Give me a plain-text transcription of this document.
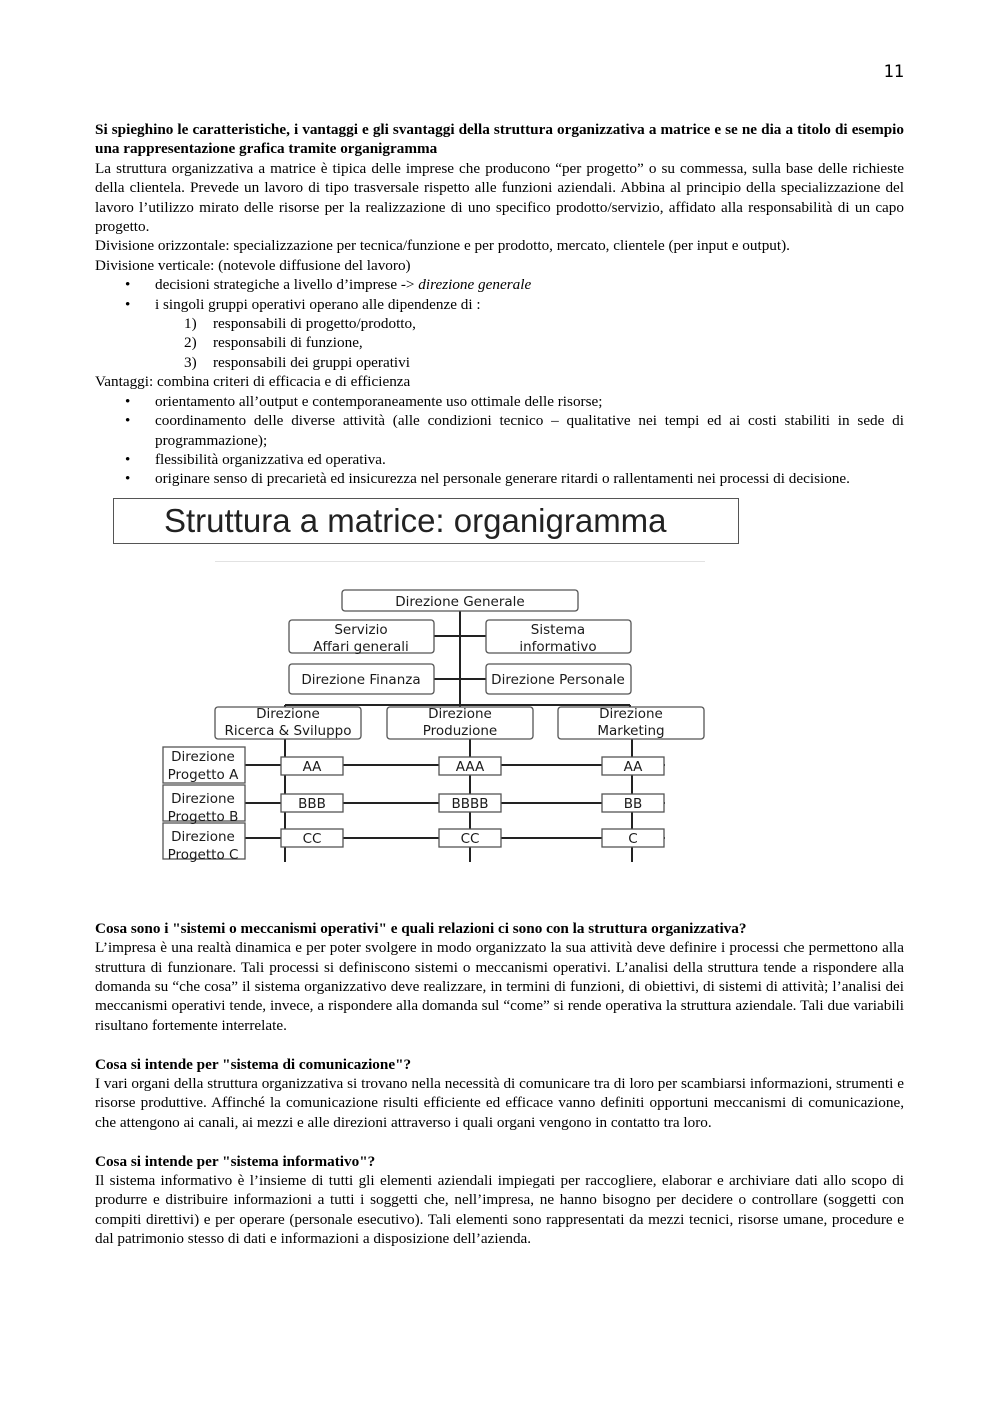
11

Si spieghino le caratteristiche, i vantaggi e gli svantaggi della struttura organizzativa a matrice e se ne dia a titolo di esempio una rappresentazione grafica tramite organigramma

La struttura organizzativa a matrice è tipica delle imprese che producono “per progetto” o su commessa, sulla base delle richieste della clientela. Prevede un lavoro di tipo trasversale rispetto alle funzioni aziendali. Abbina al principio della specializzazione del lavoro l’utilizzo mirato delle risorse per la realizzazione di uno specifico prodotto/servizio, affidato alla responsabilità di un capo progetto.

Divisione orizzontale: specializzazione per tecnica/funzione e per prodotto, mercato, clientele (per input e output).

Divisione verticale: (notevole diffusione del lavoro)

• decisioni strategiche a livello d’imprese -> direzione generale
• i singoli gruppi operativi operano alle dipendenze di :
1) responsabili di progetto/prodotto,
2) responsabili di funzione,
3) responsabili dei gruppi operativi

Vantaggi: combina criteri di efficacia e di efficienza

• orientamento all’output e contemporaneamente uso ottimale delle risorse;
• coordinamento delle diverse attività (alle condizioni tecnico – qualitative nei tempi ed ai costi stabiliti in sede di programmazione);
• flessibilità organizzativa ed operativa.
• originare senso di precarietà ed insicurezza nel personale generare ritardi o rallentamenti nei processi di decisione.
Struttura a matrice: organigramma
Direzione Generale
Servizio
Affari generali
Sistema
informativo
Direzione Finanza	Direzione Personale
Direzione
Ricerca & Sviluppo
Direzione
Produzione
Direzione
Marketing
Direzione
Progetto A
Direzione
Progetto B
Direzione
Progetto C
AA	AAA	AA
BBB	BBBB	BB
CC	CC	C

Cosa sono i "sistemi o meccanismi operativi" e quali relazioni ci sono con la struttura organizzativa?

L’impresa è una realtà dinamica e per poter svolgere in modo organizzato la sua attività deve definire i processi che permettono alla struttura di funzionare. Tali processi si definiscono sistemi o meccanismi operativi. L’analisi della struttura tende a rispondere alla domanda su “che cosa” il sistema organizzativo deve realizzare, in termini di funzioni, di obiettivi, di sistemi di attività; l’analisi dei meccanismi operativi tende, invece, a rispondere alla domanda sul “come” si rende operativa la struttura aziendale. Tali due variabili risultano fortemente interrelate.

Cosa si intende per "sistema di comunicazione"?

I vari organi della struttura organizzativa si trovano nella necessità di comunicare tra di loro per scambiarsi informazioni, strumenti e risorse produttive. Affinché la comunicazione risulti efficiente ed efficace vanno definiti opportuni meccanismi di comunicazione, che attengono ai canali, ai mezzi e alle direzioni attraverso i quali organi vengono in contatto tra loro.

Cosa si intende per "sistema informativo"?

Il sistema informativo è l’insieme di tutti gli elementi aziendali impiegati per raccogliere, elaborar e archiviare dati allo scopo di produrre e distribuire informazioni a tutti i soggetti che, nell’impresa, ne hanno bisogno per decidere o controllare (soggetti con compiti direttivi) e per operare (personale esecutivo). Tali elementi sono rappresentati da mezzi tecnici, risorse umane, procedure e dal patrimonio stesso di dati e informazioni a disposizione dell’azienda.
